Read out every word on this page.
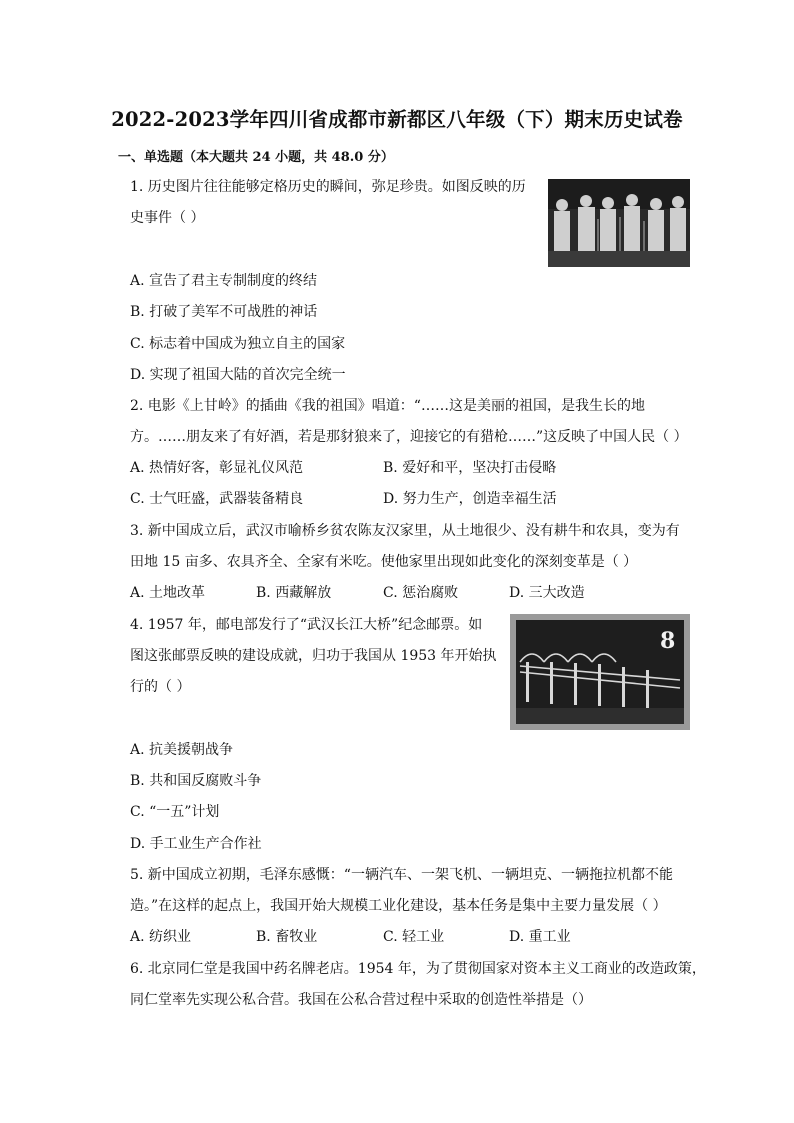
2022-2023学年四川省成都市新都区八年级（下）期末历史试卷
一、单选题（本大题共 24 小题，共 48.0 分）
1. 历史图片往往能够定格历史的瞬间，弥足珍贵。如图反映的历
史事件（ ）
A. 宣告了君主专制制度的终结
B. 打破了美军不可战胜的神话
C. 标志着中国成为独立自主的国家
D. 实现了祖国大陆的首次完全统一
2. 电影《上甘岭》的插曲《我的祖国》唱道：“……这是美丽的祖国，是我生长的地
方。……朋友来了有好酒，若是那豺狼来了，迎接它的有猎枪……”这反映了中国人民（ ）
A. 热情好客，彰显礼仪风范	B. 爱好和平，坚决打击侵略
C. 士气旺盛，武器装备精良	D. 努力生产，创造幸福生活
3. 新中国成立后，武汉市喻桥乡贫农陈友汉家里，从土地很少、没有耕牛和农具，变为有
田地 15 亩多、农具齐全、全家有米吃。使他家里出现如此变化的深刻变革是（ ）
A. 土地改革	B. 西藏解放	C. 惩治腐败	D. 三大改造
4. 1957 年，邮电部发行了“武汉长江大桥”纪念邮票。如
图这张邮票反映的建设成就，归功于我国从 1953 年开始执
行的（ ）
8
A. 抗美援朝战争
B. 共和国反腐败斗争
C. “一五”计划
D. 手工业生产合作社
5. 新中国成立初期，毛泽东感慨：“一辆汽车、一架飞机、一辆坦克、一辆拖拉机都不能
造。”在这样的起点上，我国开始大规模工业化建设，基本任务是集中主要力量发展（ ）
A. 纺织业	B. 畜牧业	C. 轻工业	D. 重工业
6. 北京同仁堂是我国中药名牌老店。1954 年，为了贯彻国家对资本主义工商业的改造政策，
同仁堂率先实现公私合营。我国在公私合营过程中采取的创造性举措是（）
